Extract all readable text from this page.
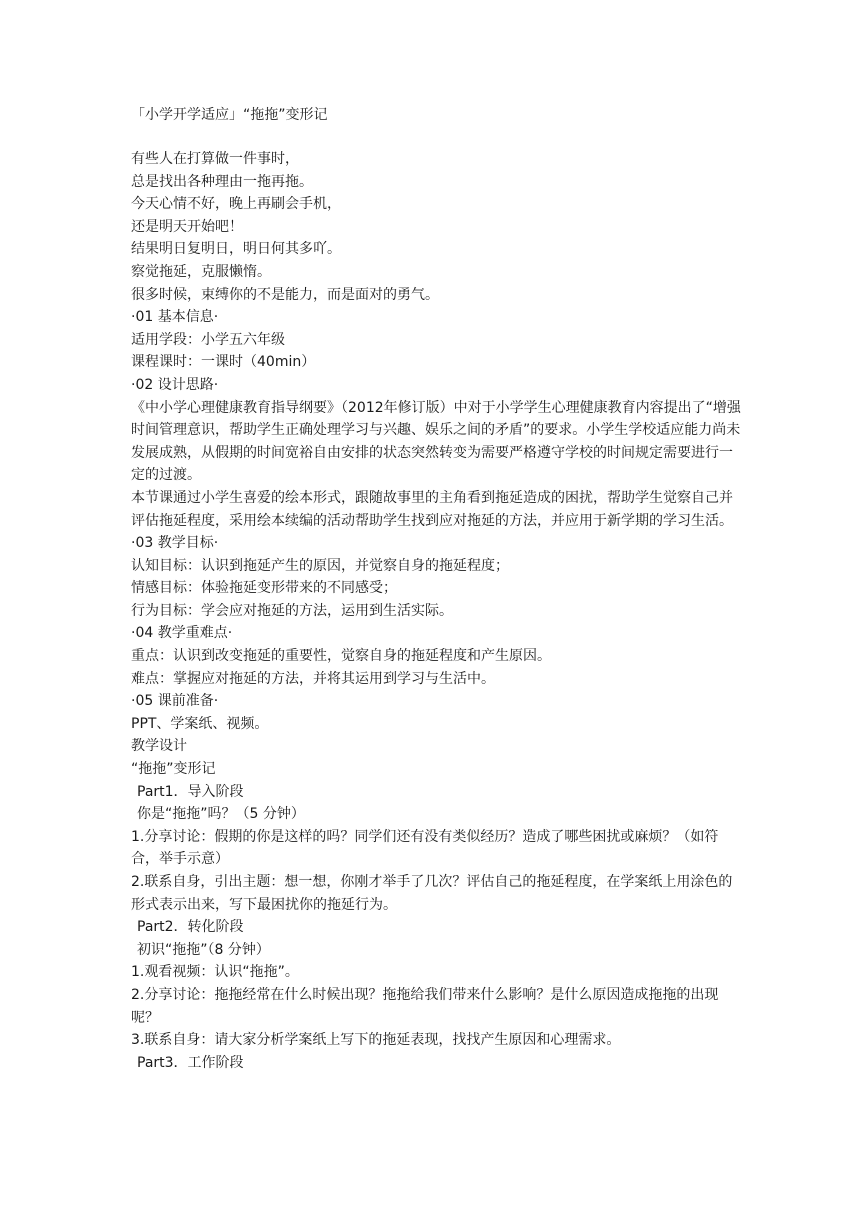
「小学开学适应」“拖拖”变形记

有些人在打算做一件事时，

总是找出各种理由一拖再拖。

今天心情不好，晚上再刷会手机，

还是明天开始吧！

结果明日复明日，明日何其多吖。

察觉拖延，克服懒惰。

很多时候，束缚你的不是能力，而是面对的勇气。

·01 基本信息·

适用学段：小学五六年级

课程课时：一课时（40min）

·02 设计思路·

《中小学心理健康教育指导纲要》（2012年修订版）中对于小学学生心理健康教育内容提出了“增强时间管理意识，帮助学生正确处理学习与兴趣、娱乐之间的矛盾”的要求。小学生学校适应能力尚未发展成熟，从假期的时间宽裕自由安排的状态突然转变为需要严格遵守学校的时间规定需要进行一定的过渡。

本节课通过小学生喜爱的绘本形式，跟随故事里的主角看到拖延造成的困扰，帮助学生觉察自己并评估拖延程度，采用绘本续编的活动帮助学生找到应对拖延的方法，并应用于新学期的学习生活。

·03 教学目标·

认知目标：认识到拖延产生的原因，并觉察自身的拖延程度；

情感目标：体验拖延变形带来的不同感受；

行为目标：学会应对拖延的方法，运用到生活实际。

·04 教学重难点·

重点：认识到改变拖延的重要性，觉察自身的拖延程度和产生原因。

难点：掌握应对拖延的方法，并将其运用到学习与生活中。

·05 课前准备·

PPT、学案纸、视频。

教学设计

“拖拖”变形记

Part1．导入阶段

你是“拖拖”吗？（5 分钟）

1.分享讨论：假期的你是这样的吗？同学们还有没有类似经历？造成了哪些困扰或麻烦？（如符合，举手示意）

2.联系自身，引出主题：想一想，你刚才举手了几次？评估自己的拖延程度，在学案纸上用涂色的形式表示出来，写下最困扰你的拖延行为。

Part2．转化阶段

初识“拖拖”（8 分钟）

1.观看视频：认识“拖拖”。

2.分享讨论：拖拖经常在什么时候出现？拖拖给我们带来什么影响？是什么原因造成拖拖的出现呢？

3.联系自身：请大家分析学案纸上写下的拖延表现，找找产生原因和心理需求。

Part3．工作阶段
